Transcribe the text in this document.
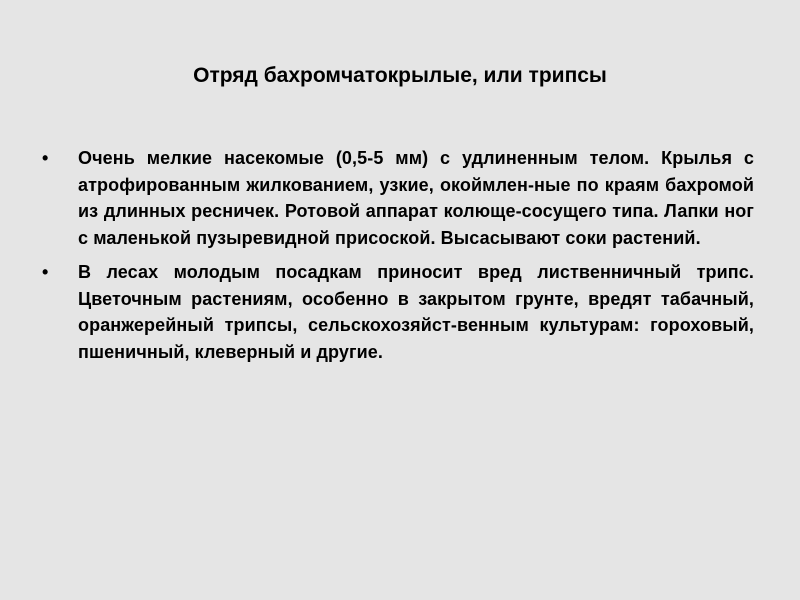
Отряд бахромчатокрылые, или трипсы
•	Очень мелкие насекомые (0,5-5 мм) с удлиненным телом. Крылья с атрофированным жилкованием, узкие, окоймлен-ные по краям бахромой из длинных ресничек. Ротовой аппарат колюще-сосущего типа. Лапки ног с маленькой пузыревидной присоской. Высасывают соки растений.
•	В лесах молодым посадкам приносит вред лиственничный трипс. Цветочным растениям, особенно в закрытом грунте, вредят табачный, оранжерейный трипсы, сельскохозяйст-венным культурам: гороховый, пшеничный, клеверный и другие.
